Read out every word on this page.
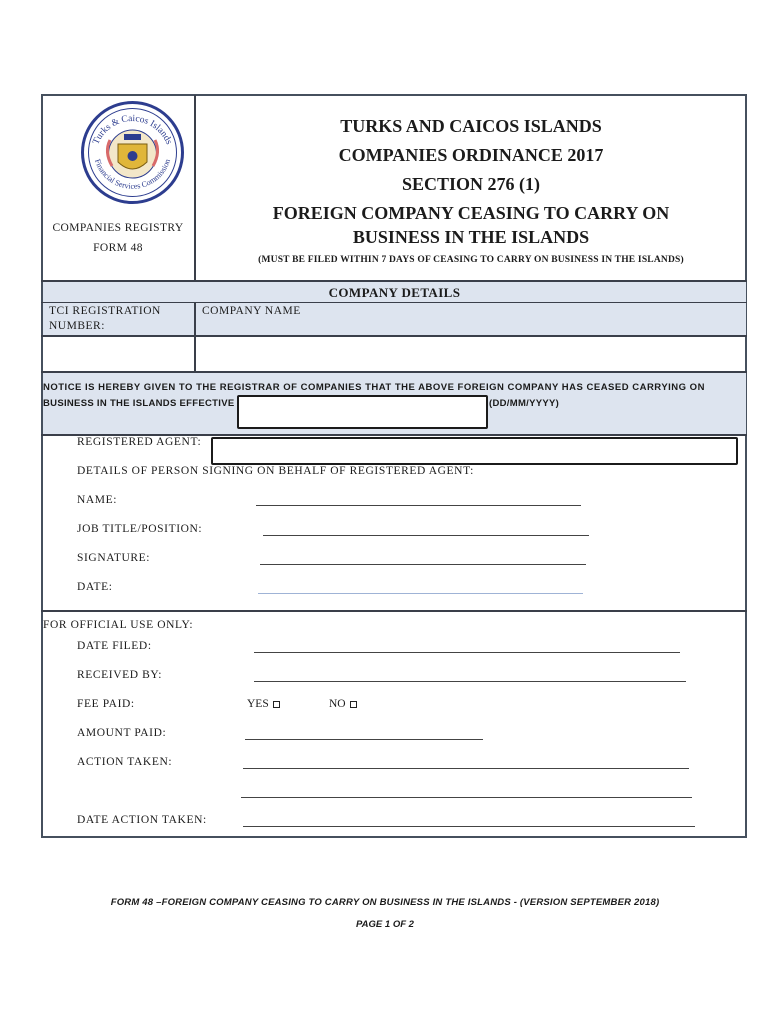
Turks & Caicos Islands
Financial Services Commission
COMPANIES REGISTRY
FORM 48
TURKS AND CAICOS ISLANDS
COMPANIES ORDINANCE 2017
SECTION 276 (1)
FOREIGN COMPANY CEASING TO CARRY ON
BUSINESS IN THE ISLANDS
(MUST BE FILED WITHIN 7 DAYS OF CEASING TO CARRY ON BUSINESS IN THE ISLANDS)
COMPANY DETAILS
TCI REGISTRATION
NUMBER:
COMPANY NAME
NOTICE IS HEREBY GIVEN TO THE REGISTRAR OF COMPANIES THAT THE ABOVE FOREIGN COMPANY HAS CEASED CARRYING ON
BUSINESS IN THE ISLANDS EFFECTIVE	(DD/MM/YYYY)
REGISTERED AGENT:
DETAILS OF PERSON SIGNING ON BEHALF OF REGISTERED AGENT:
NAME:
JOB TITLE/POSITION:
SIGNATURE:
DATE:
FOR OFFICIAL USE ONLY:
DATE FILED:
RECEIVED BY:
FEE PAID:	YES	NO
AMOUNT PAID:
ACTION TAKEN:
DATE ACTION TAKEN:
FORM 48 –FOREIGN COMPANY CEASING TO CARRY ON BUSINESS IN THE ISLANDS - (VERSION SEPTEMBER 2018)
PAGE 1 OF 2
